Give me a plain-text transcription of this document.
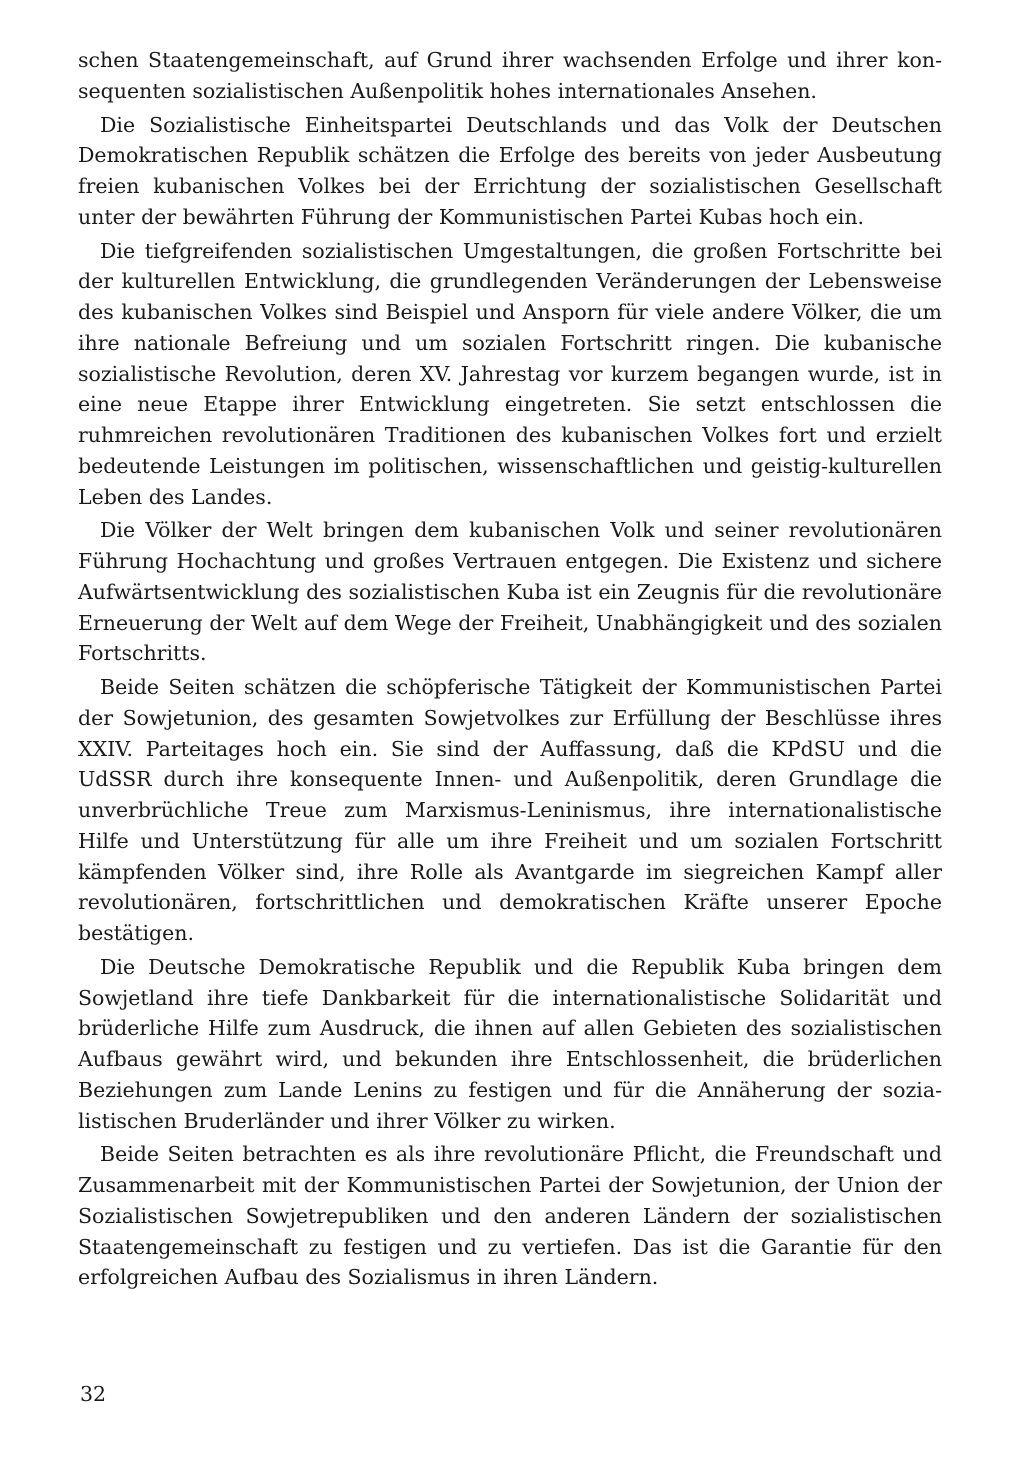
schen Staatengemeinschaft, auf Grund ihrer wachsenden Erfolge und ihrer konsequenten sozialistischen Außenpolitik hohes internationales Ansehen.

Die Sozialistische Einheitspartei Deutschlands und das Volk der Deutschen Demokratischen Republik schätzen die Erfolge des bereits von jeder Ausbeutung freien kubanischen Volkes bei der Errichtung der sozialistischen Gesellschaft unter der bewährten Führung der Kommunistischen Partei Kubas hoch ein.

Die tiefgreifenden sozialistischen Umgestaltungen, die großen Fortschritte bei der kulturellen Entwicklung, die grundlegenden Veränderungen der Lebensweise des kubanischen Volkes sind Beispiel und Ansporn für viele andere Völker, die um ihre nationale Befreiung und um sozialen Fortschritt ringen. Die kubanische sozialistische Revolution, deren XV. Jahrestag vor kurzem begangen wurde, ist in eine neue Etappe ihrer Entwicklung eingetreten. Sie setzt entschlossen die ruhmreichen revolutionären Traditionen des kubanischen Volkes fort und erzielt bedeutende Leistungen im politischen, wissenschaftlichen und geistig-kulturellen Leben des Landes.

Die Völker der Welt bringen dem kubanischen Volk und seiner revolutionären Führung Hochachtung und großes Vertrauen entgegen. Die Existenz und sichere Aufwärtsentwicklung des sozialistischen Kuba ist ein Zeugnis für die revolutionäre Erneuerung der Welt auf dem Wege der Freiheit, Unabhängigkeit und des sozialen Fortschritts.

Beide Seiten schätzen die schöpferische Tätigkeit der Kommunistischen Partei der Sowjetunion, des gesamten Sowjetvolkes zur Erfüllung der Beschlüsse ihres XXIV. Parteitages hoch ein. Sie sind der Auffassung, daß die KPdSU und die UdSSR durch ihre konsequente Innen- und Außenpolitik, deren Grundlage die unverbrüchliche Treue zum Marxismus-Leninismus, ihre internationalistische Hilfe und Unterstützung für alle um ihre Freiheit und um sozialen Fortschritt kämpfenden Völker sind, ihre Rolle als Avantgarde im siegreichen Kampf aller revolutionären, fortschrittlichen und demokratischen Kräfte unserer Epoche bestätigen.

Die Deutsche Demokratische Republik und die Republik Kuba bringen dem Sowjetland ihre tiefe Dankbarkeit für die internationalistische Solidarität und brüderliche Hilfe zum Ausdruck, die ihnen auf allen Gebieten des sozialistischen Aufbaus gewährt wird, und bekunden ihre Entschlossenheit, die brüderlichen Beziehungen zum Lande Lenins zu festigen und für die Annäherung der sozialistischen Bruderländer und ihrer Völker zu wirken.

Beide Seiten betrachten es als ihre revolutionäre Pflicht, die Freundschaft und Zusammenarbeit mit der Kommunistischen Partei der Sowjetunion, der Union der Sozialistischen Sowjetrepubliken und den anderen Ländern der sozialistischen Staatengemeinschaft zu festigen und zu vertiefen. Das ist die Garantie für den erfolgreichen Aufbau des Sozialismus in ihren Ländern.

32
